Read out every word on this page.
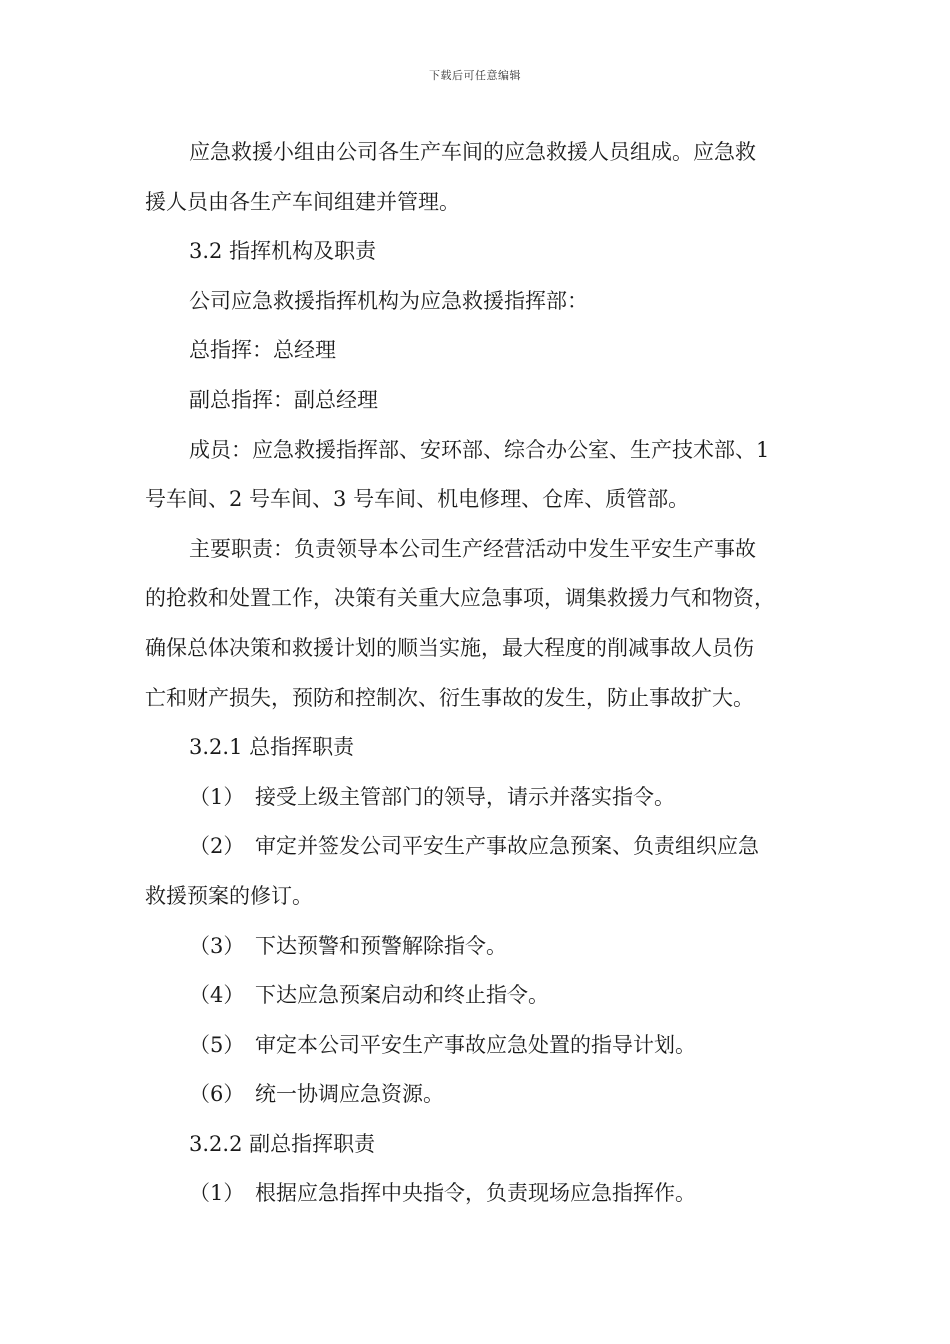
下载后可任意编辑
应急救援小组由公司各生产车间的应急救援人员组成。应急救
援人员由各生产车间组建并管理。
3.2 指挥机构及职责
公司应急救援指挥机构为应急救援指挥部：
总指挥：总经理
副总指挥：副总经理
成员：应急救援指挥部、安环部、综合办公室、生产技术部、1
号车间、2 号车间、3 号车间、机电修理、仓库、质管部。
主要职责：负责领导本公司生产经营活动中发生平安生产事故
的抢救和处置工作，决策有关重大应急事项，调集救援力气和物资，
确保总体决策和救援计划的顺当实施，最大程度的削减事故人员伤
亡和财产损失，预防和控制次、衍生事故的发生，防止事故扩大。
3.2.1 总指挥职责
（1） 接受上级主管部门的领导，请示并落实指令。
（2） 审定并签发公司平安生产事故应急预案、负责组织应急
救援预案的修订。
（3） 下达预警和预警解除指令。
（4） 下达应急预案启动和终止指令。
（5） 审定本公司平安生产事故应急处置的指导计划。
（6） 统一协调应急资源。
3.2.2 副总指挥职责
（1） 根据应急指挥中央指令，负责现场应急指挥作。
